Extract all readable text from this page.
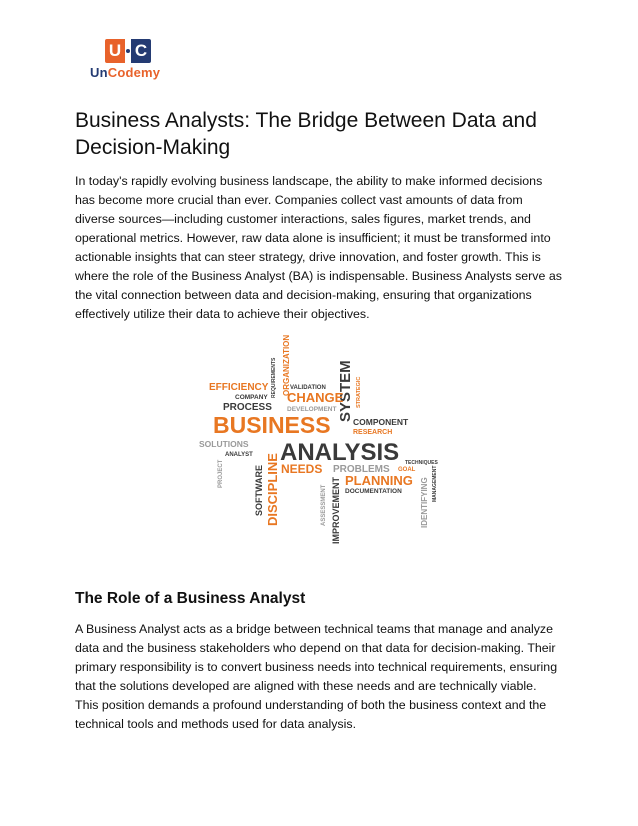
U C
UnCodemy
Business Analysts: The Bridge Between Data and Decision-Making

In today's rapidly evolving business landscape, the ability to make informed decisions has become more crucial than ever. Companies collect vast amounts of data from diverse sources—including customer interactions, sales figures, market trends, and operational metrics. However, raw data alone is insufficient; it must be transformed into actionable insights that can steer strategy, drive innovation, and foster growth. This is where the role of the Business Analyst (BA) is indispensable. Business Analysts serve as the vital connection between data and decision-making, ensuring that organizations effectively utilize their data to achieve their objectives.

REQUIREMENTS ORGANIZATION	SYSTEM STRATEGIC
EFFICIENCY	VALIDATION
COMPANY CHANGE
PROCESS DEVELOPMENT
BUSINESS	COMPONENT
RESEARCH
SOLUTIONS
ANALYST ANALYSIS
PROJECT	SOFTWARE DISCIPLINE NEEDS PROBLEMS GOAL
PLANNING
DOCUMENTATION
TECHNIQUES
ASSESSMENT IMPROVEMENT	IDENTIFYING MANAGEMENT
The Role of a Business Analyst

A Business Analyst acts as a bridge between technical teams that manage and analyze data and the business stakeholders who depend on that data for decision-making. Their primary responsibility is to convert business needs into technical requirements, ensuring that the solutions developed are aligned with these needs and are technically viable. This position demands a profound understanding of both the business context and the technical tools and methods used for data analysis.
